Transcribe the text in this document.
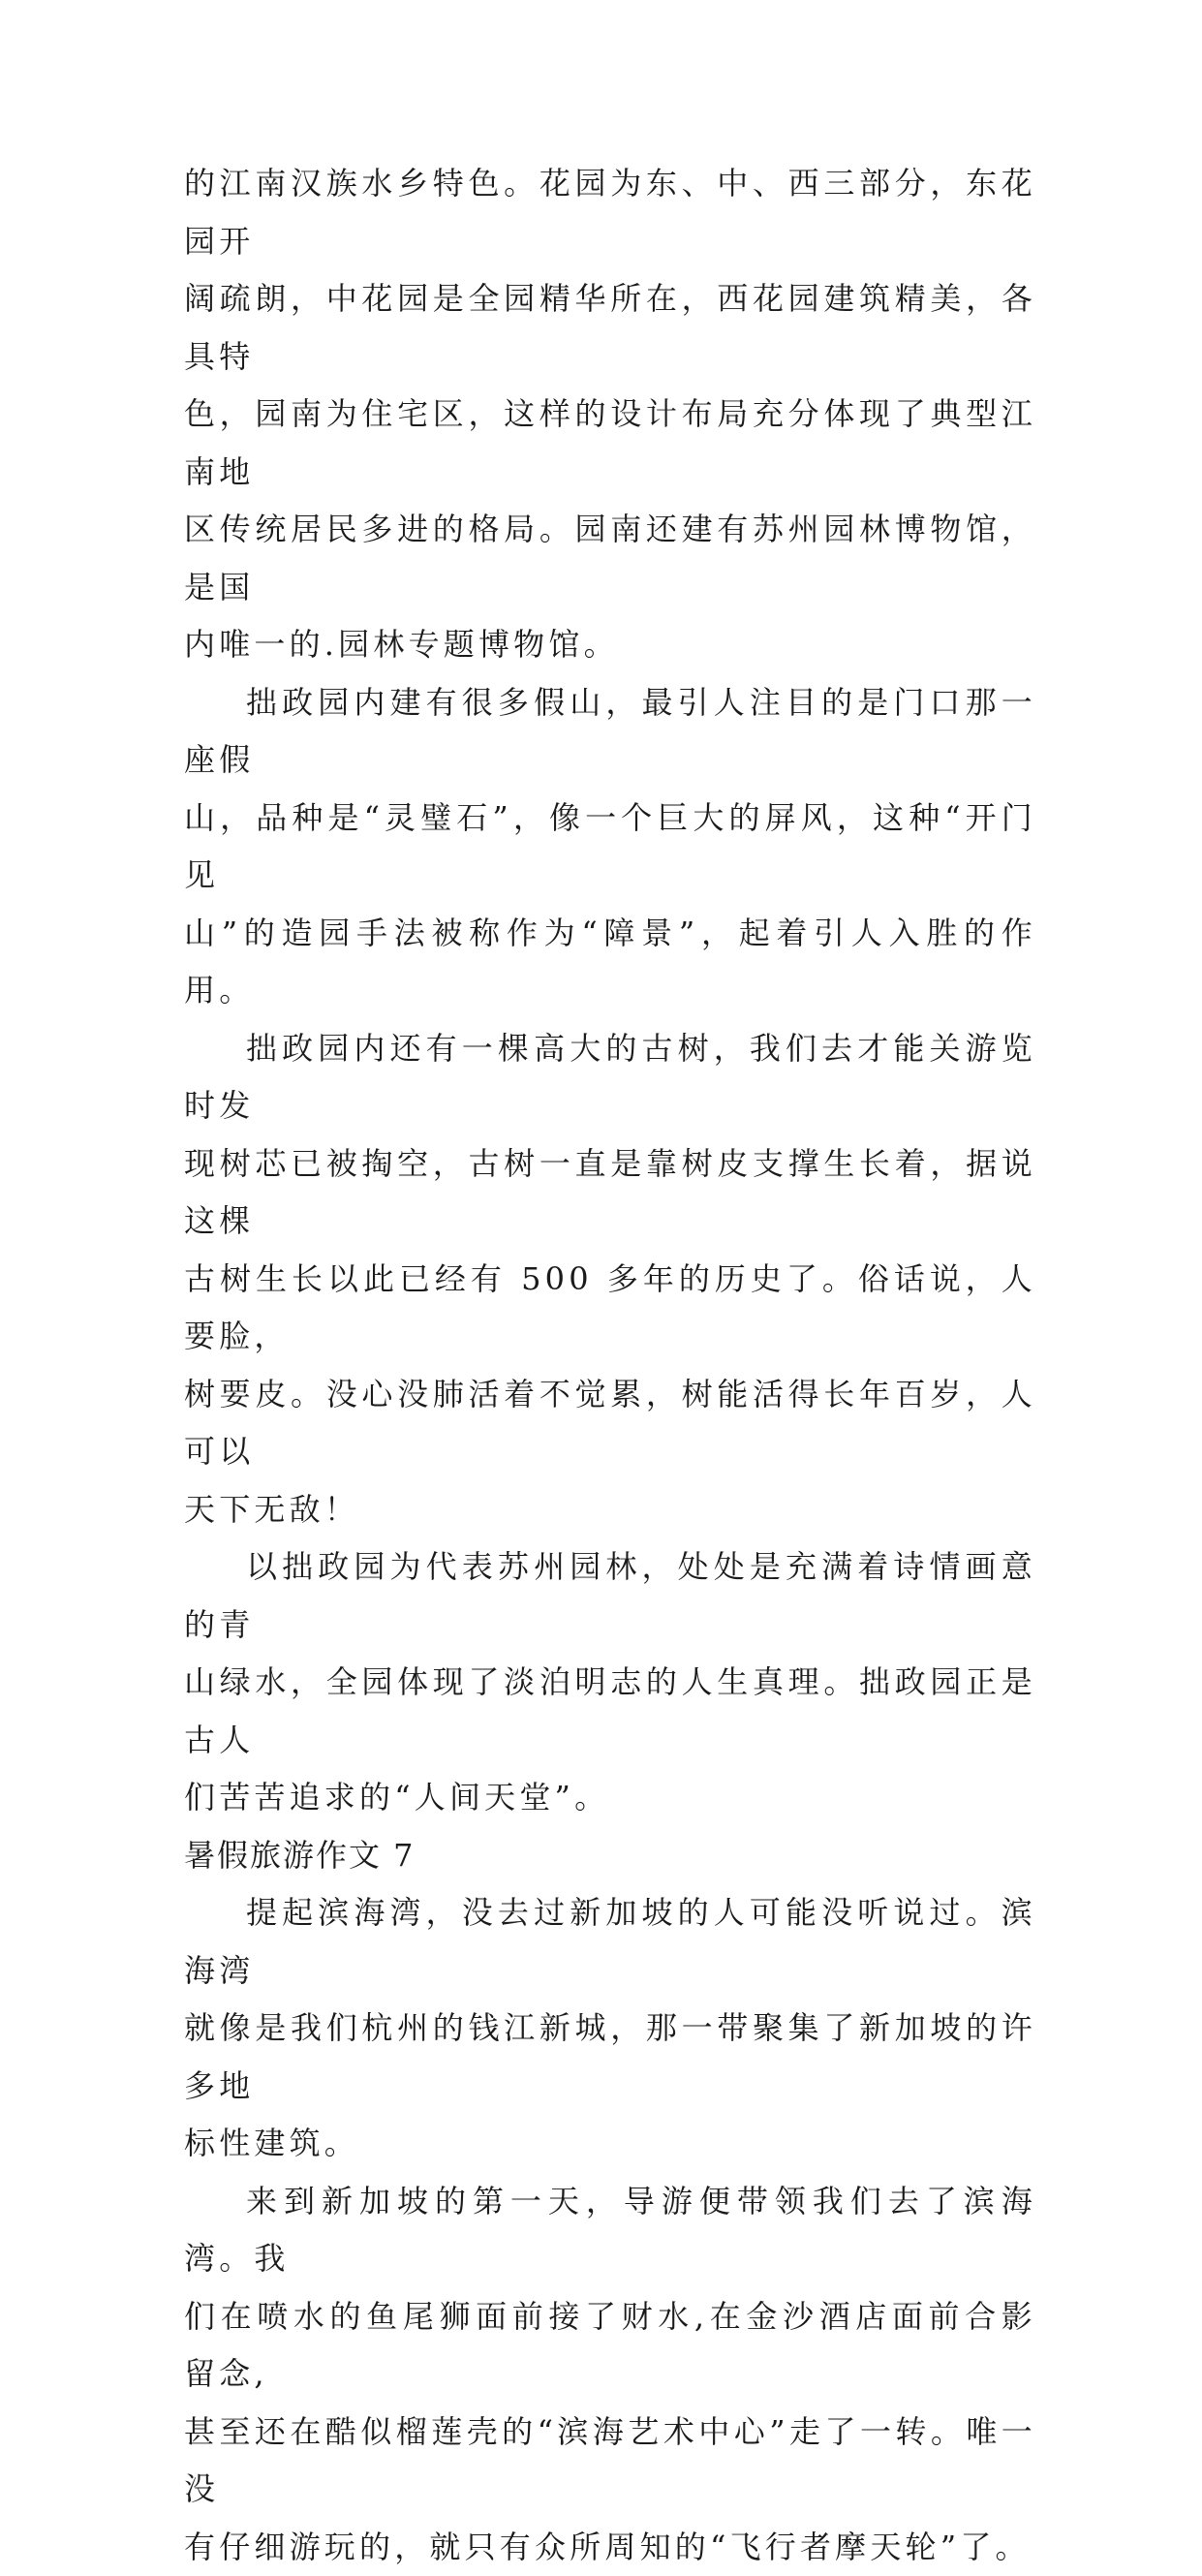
的江南汉族水乡特色。花园为东、中、西三部分，东花园开

阔疏朗，中花园是全园精华所在，西花园建筑精美，各具特

色，园南为住宅区，这样的设计布局充分体现了典型江南地

区传统居民多进的格局。园南还建有苏州园林博物馆，是国

内唯一的.园林专题博物馆。

拙政园内建有很多假山，最引人注目的是门口那一座假

山，品种是“灵璧石”，像一个巨大的屏风，这种“开门见

山”的造园手法被称作为“障景”，起着引人入胜的作用。

拙政园内还有一棵高大的古树，我们去才能关游览时发

现树芯已被掏空，古树一直是靠树皮支撑生长着，据说这棵

古树生长以此已经有 500 多年的历史了。俗话说，人要脸，

树要皮。没心没肺活着不觉累，树能活得长年百岁，人可以

天下无敌！

以拙政园为代表苏州园林，处处是充满着诗情画意的青

山绿水，全园体现了淡泊明志的人生真理。拙政园正是古人

们苦苦追求的“人间天堂”。

暑假旅游作文 7

提起滨海湾，没去过新加坡的人可能没听说过。滨海湾

就像是我们杭州的钱江新城，那一带聚集了新加坡的许多地

标性建筑。

来到新加坡的第一天，导游便带领我们去了滨海湾。我

们在喷水的鱼尾狮面前接了财水,在金沙酒店面前合影留念,

甚至还在酷似榴莲壳的“滨海艺术中心”走了一转。唯一没

有仔细游玩的，就只有众所周知的“飞行者摩天轮”了。
